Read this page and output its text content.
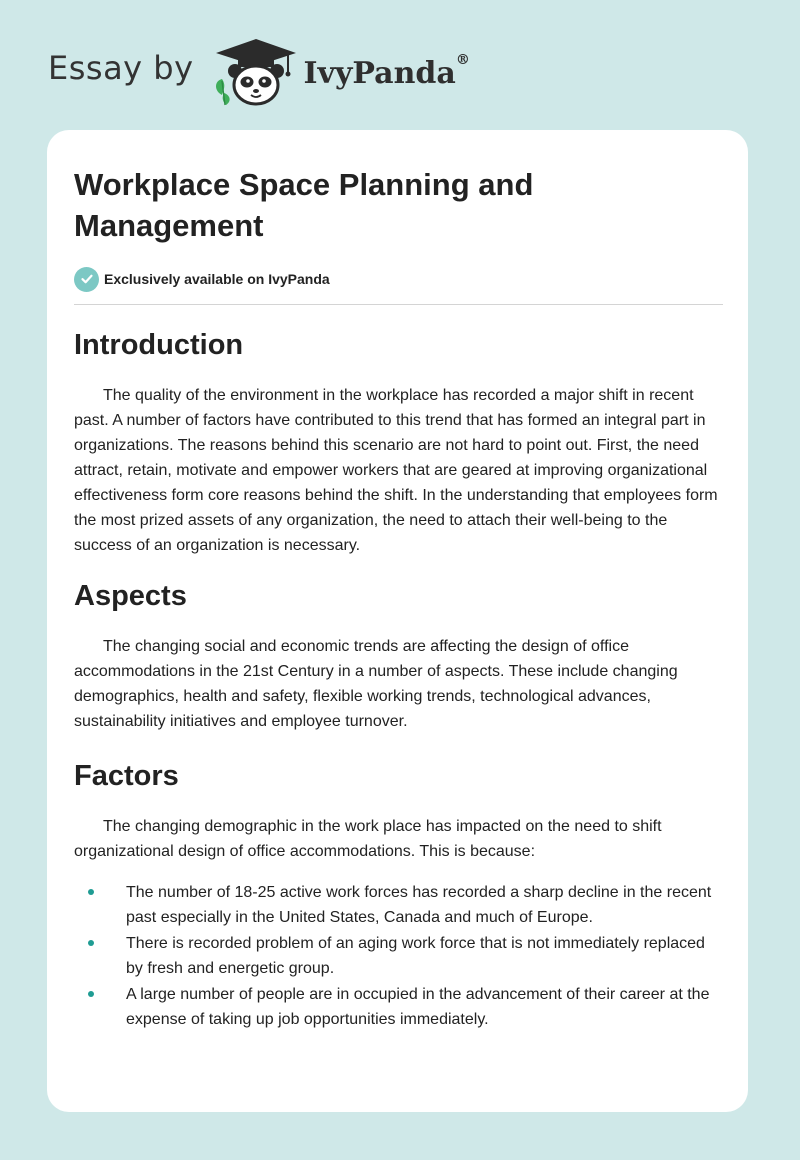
Essay by	IvyPanda®
Workplace Space Planning and Management
Exclusively available on IvyPanda
Introduction

The quality of the environment in the workplace has recorded a major shift in recent past. A number of factors have contributed to this trend that has formed an integral part in organizations. The reasons behind this scenario are not hard to point out. First, the need attract, retain, motivate and empower workers that are geared at improving organizational effectiveness form core reasons behind the shift. In the understanding that employees form the most prized assets of any organization, the need to attach their well-being to the success of an organization is necessary.

Aspects

The changing social and economic trends are affecting the design of office accommodations in the 21st Century in a number of aspects. These include changing demographics, health and safety, flexible working trends, technological advances, sustainability initiatives and employee turnover.

Factors

The changing demographic in the work place has impacted on the need to shift organizational design of office accommodations. This is because:

The number of 18-25 active work forces has recorded a sharp decline in the recent past especially in the United States, Canada and much of Europe.
There is recorded problem of an aging work force that is not immediately replaced by fresh and energetic group.
A large number of people are in occupied in the advancement of their career at the expense of taking up job opportunities immediately.
